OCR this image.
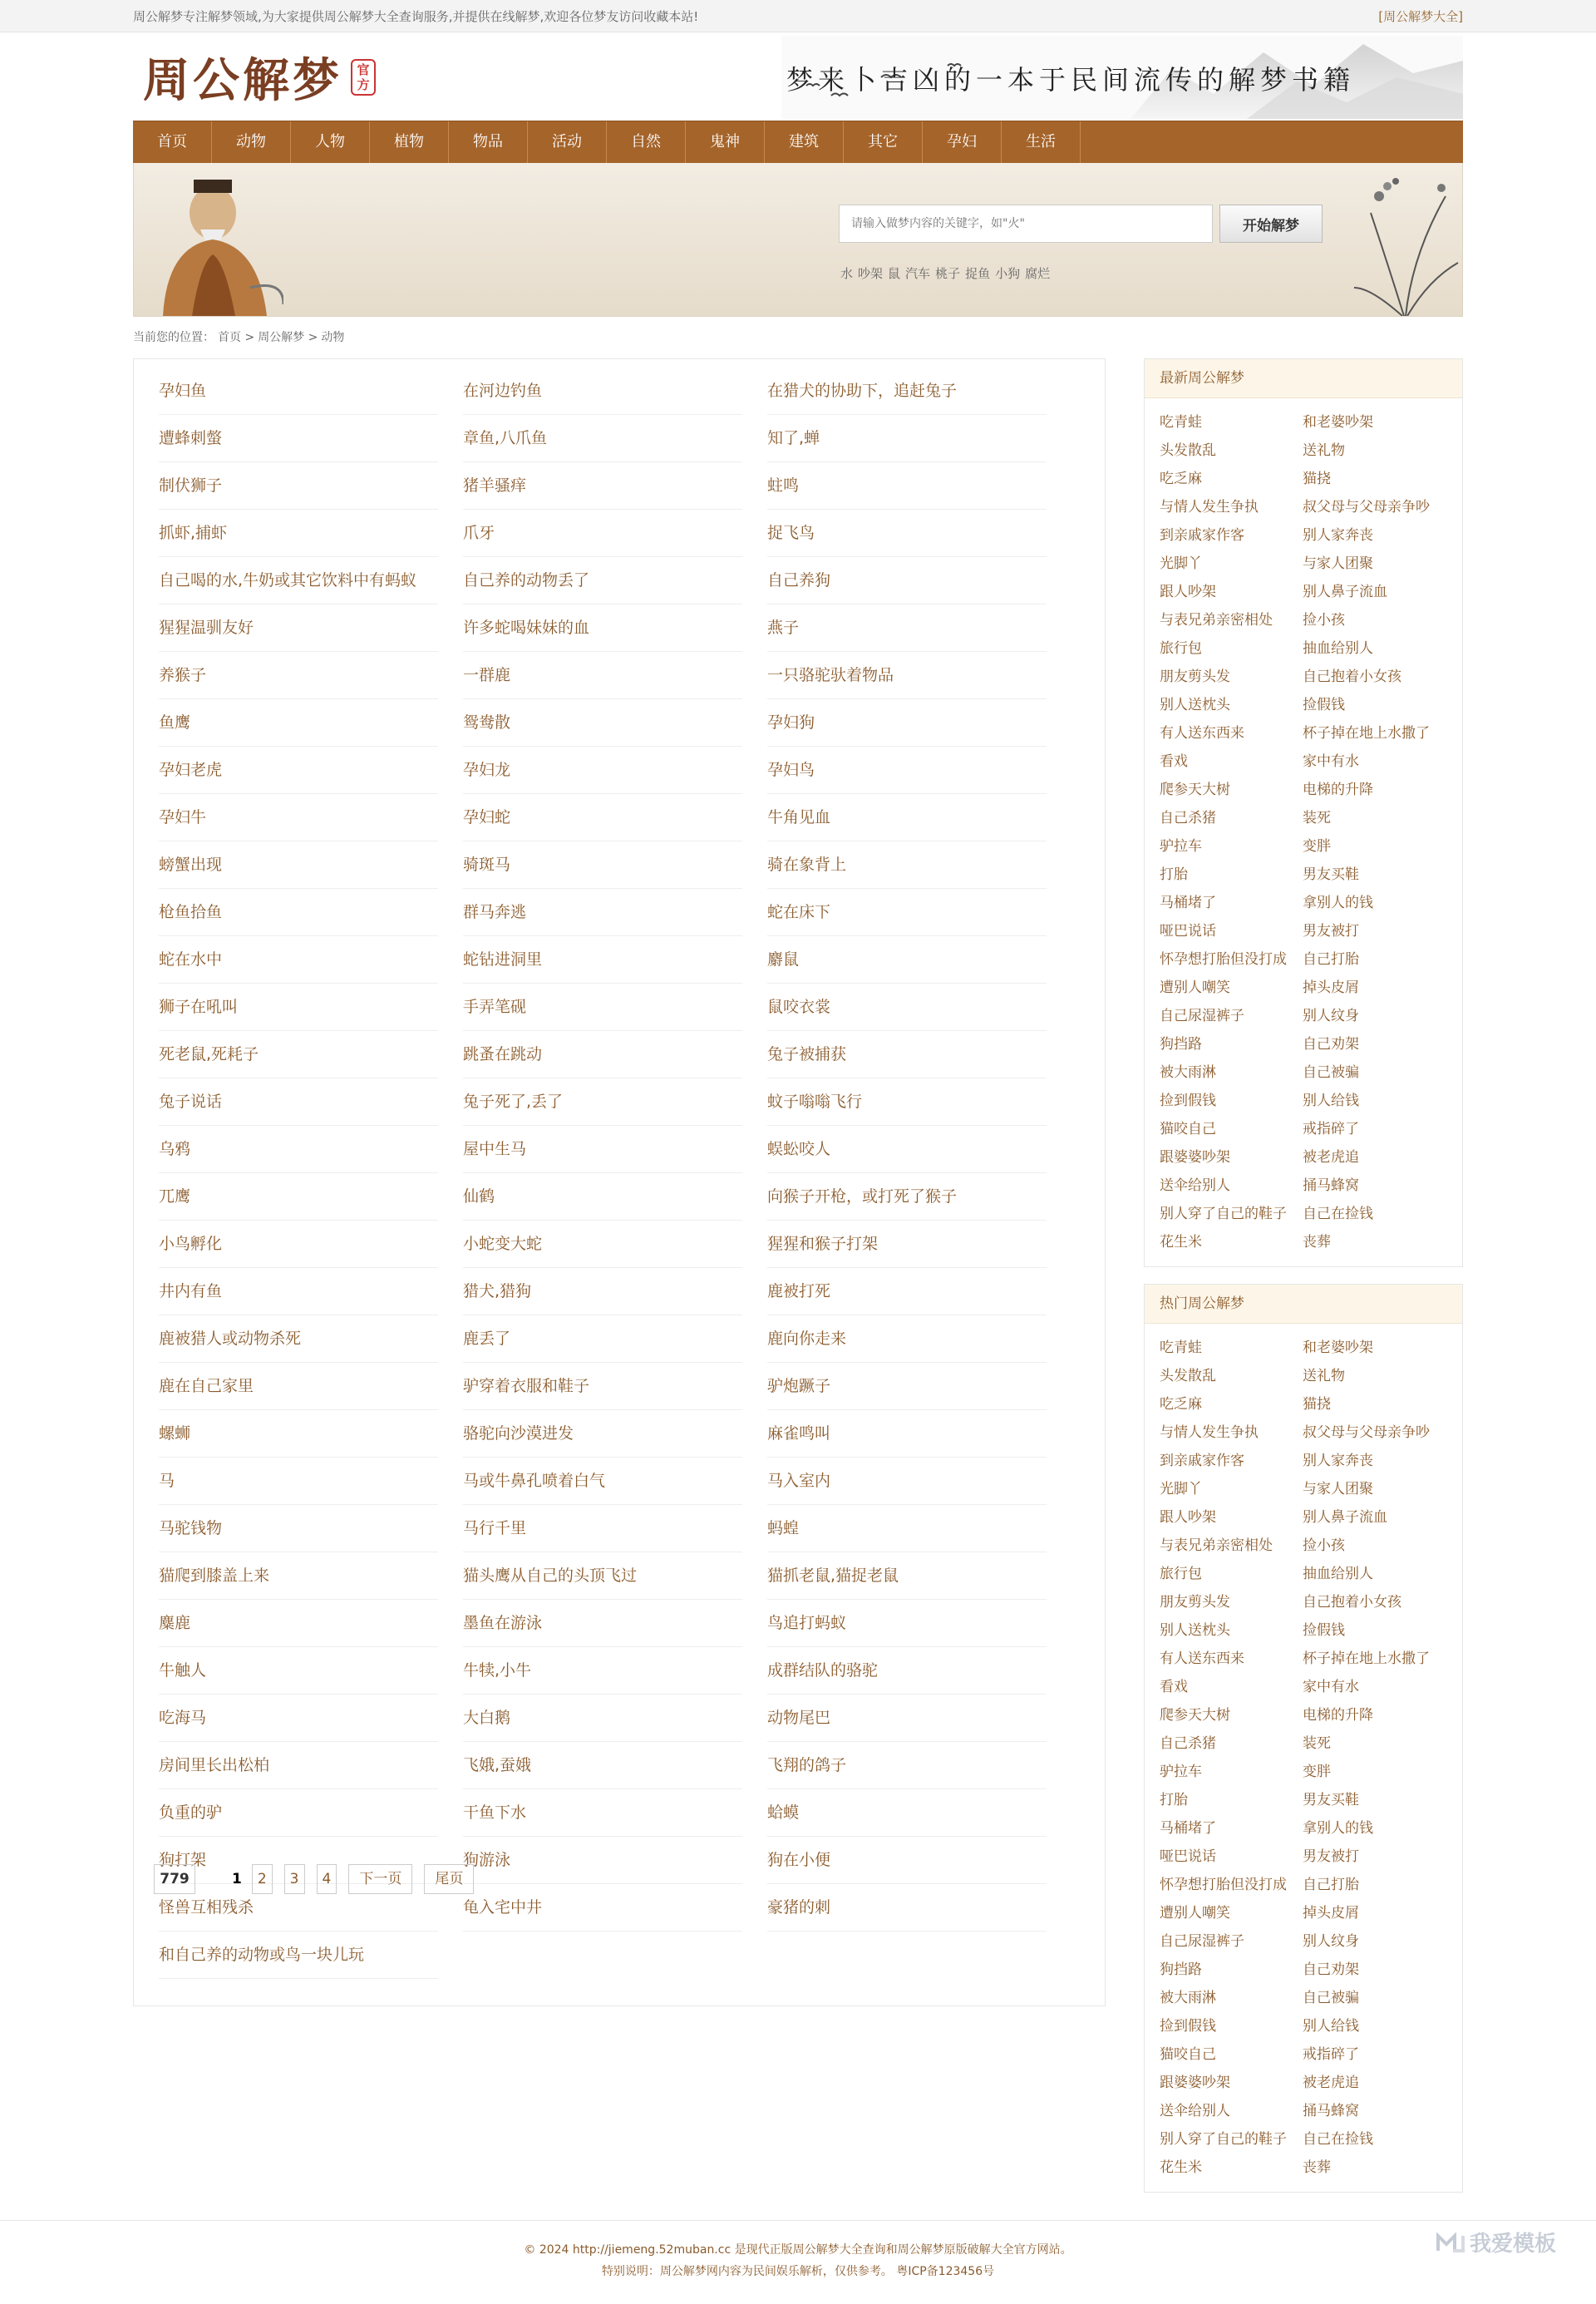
周公解梦专注解梦领域,为大家提供周公解梦大全查询服务,并提供在线解梦,欢迎各位梦友访问收藏本站!	[周公解梦大全]
周公解梦	官方	梦来卜吉凶的一本于民间流传的解梦书籍
首页	动物	人物	植物	物品	活动	自然	鬼神	建筑	其它	孕妇	生活
请输入做梦内容的关键字，如"火"
开始解梦
水 吵架 鼠 汽车 桃子 捉鱼 小狗 腐烂
当前您的位置： 首页 > 周公解梦 > 动物
孕妇鱼	在河边钓鱼	在猎犬的协助下，追赶兔子
遭蜂刺螫	章鱼,八爪鱼	知了,蝉
制伏狮子	猪羊骚痒	蛀鸣
抓虾,捕虾	爪牙	捉飞鸟
自己喝的水,牛奶或其它饮料中有蚂蚁	自己养的动物丢了	自己养狗
猩猩温驯友好	许多蛇喝妹妹的血	燕子
养猴子	一群鹿	一只骆驼驮着物品
鱼鹰	鸳鸯散	孕妇狗
孕妇老虎	孕妇龙	孕妇鸟
孕妇牛	孕妇蛇	牛角见血
螃蟹出现	骑斑马	骑在象背上
枪鱼拾鱼	群马奔逃	蛇在床下
蛇在水中	蛇钻进洞里	麝鼠
狮子在吼叫	手弄笔砚	鼠咬衣裳
死老鼠,死耗子	跳蚤在跳动	兔子被捕获
兔子说话	兔子死了,丢了	蚊子嗡嗡飞行
乌鸦	屋中生马	蜈蚣咬人
兀鹰	仙鹤	向猴子开枪，或打死了猴子
小鸟孵化	小蛇变大蛇	猩猩和猴子打架
井内有鱼	猎犬,猎狗	鹿被打死
鹿被猎人或动物杀死	鹿丢了	鹿向你走来
鹿在自己家里	驴穿着衣服和鞋子	驴炮蹶子
螺蛳	骆驼向沙漠进发	麻雀鸣叫
马	马或牛鼻孔喷着白气	马入室内
马驼钱物	马行千里	蚂蝗
猫爬到膝盖上来	猫头鹰从自己的头顶飞过	猫抓老鼠,猫捉老鼠
麋鹿	墨鱼在游泳	鸟追打蚂蚁
牛触人	牛犊,小牛	成群结队的骆驼
吃海马	大白鹅	动物尾巴
房间里长出松柏	飞娥,蚕娥	飞翔的鸽子
负重的驴	干鱼下水	蛤蟆
狗打架	狗游泳	狗在小便
怪兽互相残杀	龟入宅中井	豪猪的刺
和自己养的动物或鸟一块儿玩
779	1	2	3	4	下一页	尾页
最新周公解梦
吃青蛙	和老婆吵架
头发散乱	送礼物
吃乏麻	猫挠
与情人发生争执	叔父母与父母亲争吵
到亲戚家作客	别人家奔丧
光脚丫	与家人团聚
跟人吵架	别人鼻子流血
与表兄弟亲密相处	捡小孩
旅行包	抽血给别人
朋友剪头发	自己抱着小女孩
别人送枕头	捡假钱
有人送东西来	杯子掉在地上水撒了
看戏	家中有水
爬参天大树	电梯的升降
自己杀猪	装死
驴拉车	变胖
打胎	男友买鞋
马桶堵了	拿别人的钱
哑巴说话	男友被打
怀孕想打胎但没打成	自己打胎
遭别人嘲笑	掉头皮屑
自己尿湿裤子	别人纹身
狗挡路	自己劝架
被大雨淋	自己被骗
捡到假钱	别人给钱
猫咬自己	戒指碎了
跟婆婆吵架	被老虎追
送伞给别人	捅马蜂窝
别人穿了自己的鞋子	自己在捡钱
花生米	丧葬
热门周公解梦
吃青蛙	和老婆吵架
头发散乱	送礼物
吃乏麻	猫挠
与情人发生争执	叔父母与父母亲争吵
到亲戚家作客	别人家奔丧
光脚丫	与家人团聚
跟人吵架	别人鼻子流血
与表兄弟亲密相处	捡小孩
旅行包	抽血给别人
朋友剪头发	自己抱着小女孩
别人送枕头	捡假钱
有人送东西来	杯子掉在地上水撒了
看戏	家中有水
爬参天大树	电梯的升降
自己杀猪	装死
驴拉车	变胖
打胎	男友买鞋
马桶堵了	拿别人的钱
哑巴说话	男友被打
怀孕想打胎但没打成	自己打胎
遭别人嘲笑	掉头皮屑
自己尿湿裤子	别人纹身
狗挡路	自己劝架
被大雨淋	自己被骗
捡到假钱	别人给钱
猫咬自己	戒指碎了
跟婆婆吵架	被老虎追
送伞给别人	捅马蜂窝
别人穿了自己的鞋子	自己在捡钱
花生米	丧葬

© 2024 http://jiemeng.52muban.cc 是现代正版周公解梦大全查询和周公解梦原版破解大全官方网站。

特别说明：周公解梦网内容为民间娱乐解析，仅供参考。 粤ICP备123456号

我爱模板
